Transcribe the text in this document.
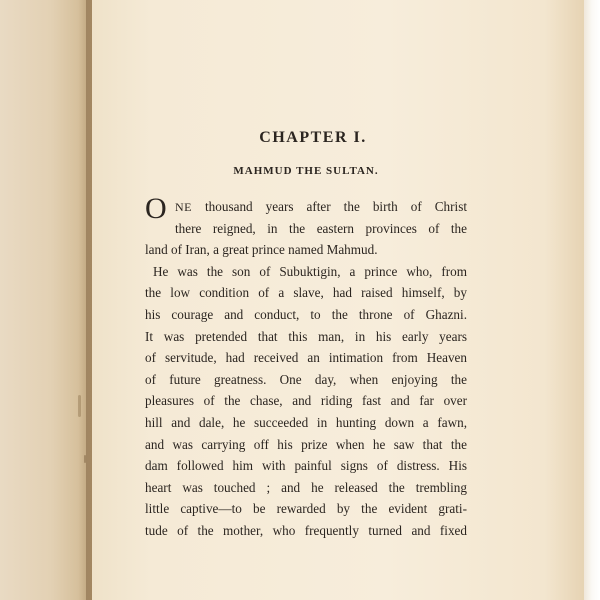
CHAPTER I.
MAHMUD THE SULTAN.
O NE thousand years after the birth of Christ
there reigned, in the eastern provinces of the
land of Iran, a great prince named Mahmud.
He was the son of Subuktigin, a prince who, from
the low condition of a slave, had raised himself, by
his courage and conduct, to the throne of Ghazni.
It was pretended that this man, in his early years
of servitude, had received an intimation from Heaven
of future greatness. One day, when enjoying the
pleasures of the chase, and riding fast and far over
hill and dale, he succeeded in hunting down a fawn,
and was carrying off his prize when he saw that the
dam followed him with painful signs of distress. His
heart was touched ; and he released the trembling
little captive—to be rewarded by the evident grati-
tude of the mother, who frequently turned and fixed
